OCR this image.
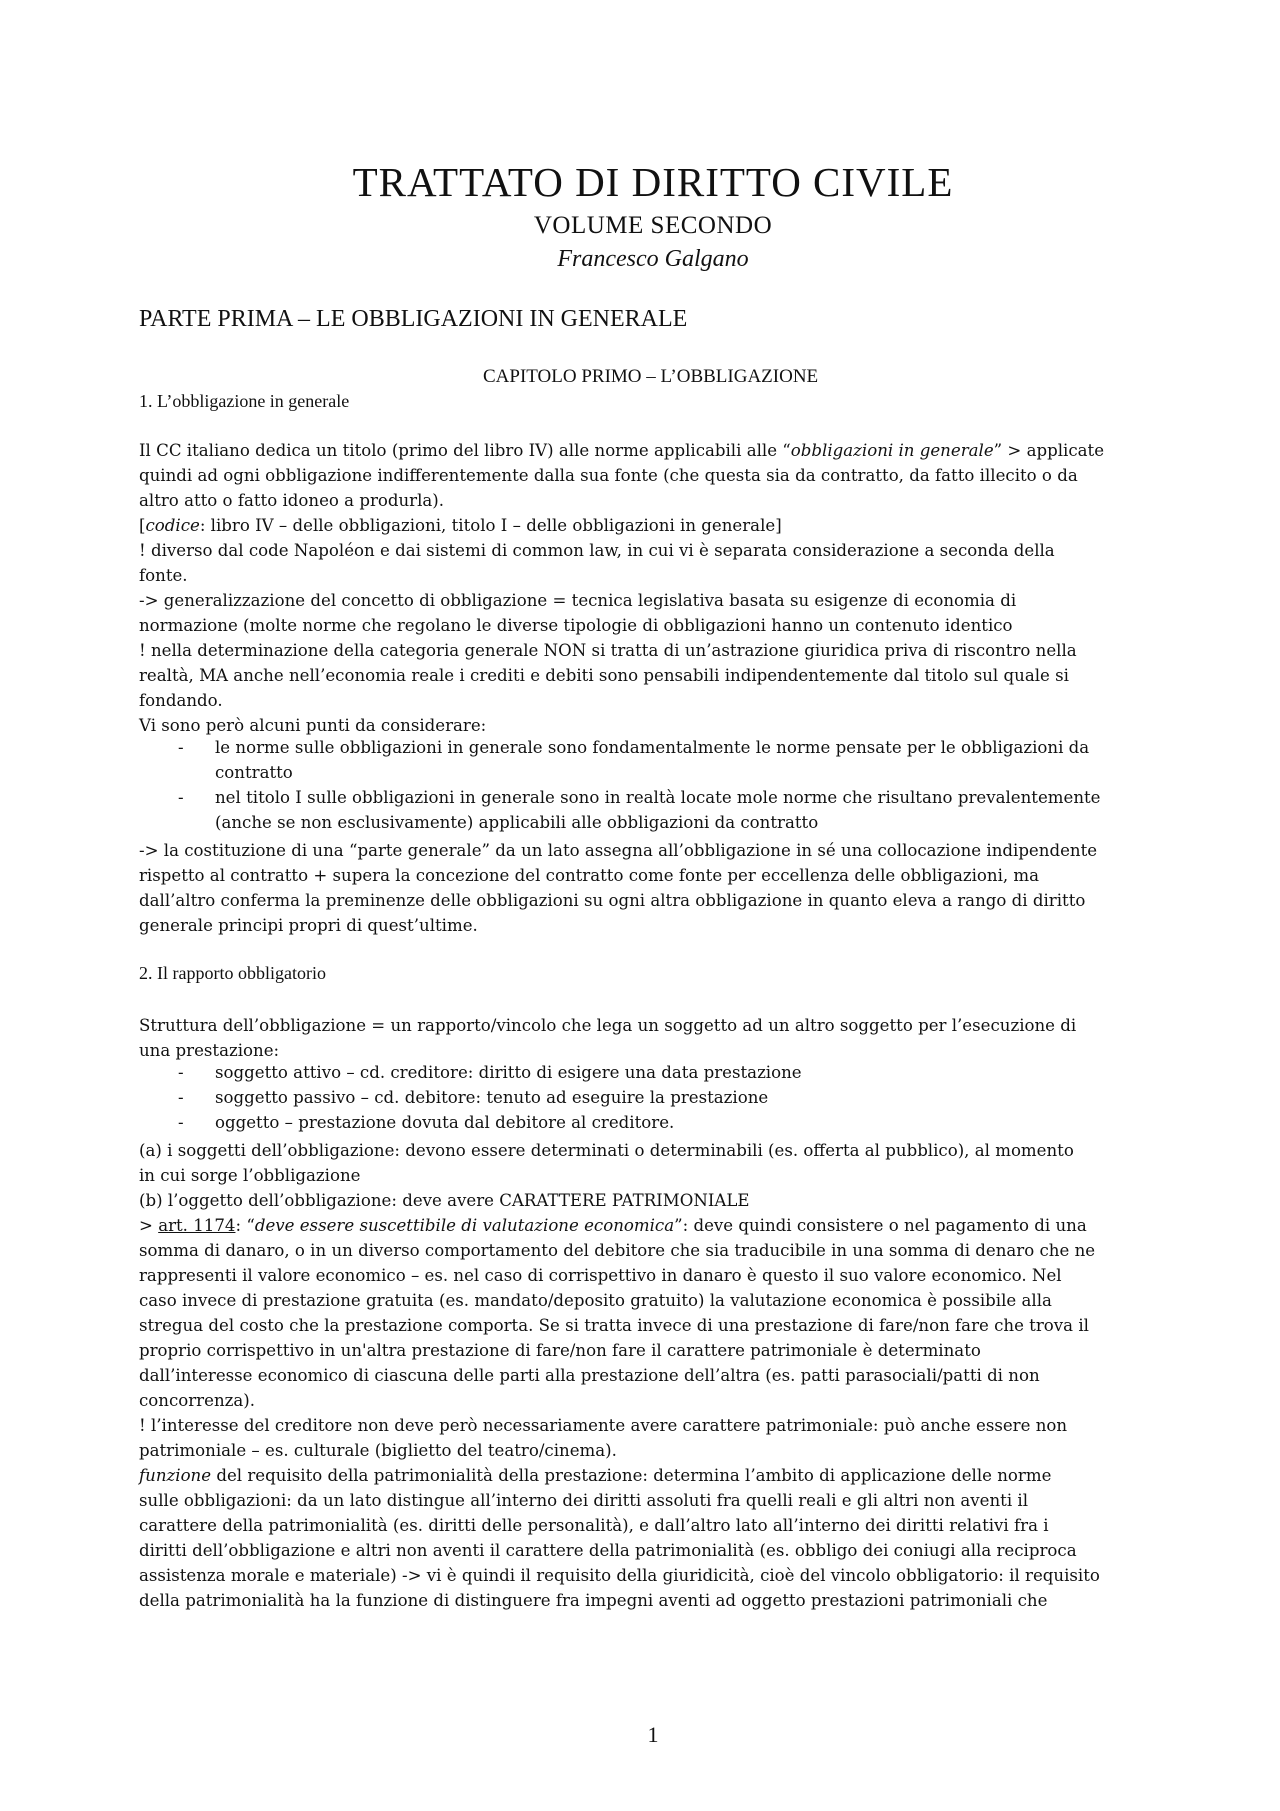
TRATTATO DI DIRITTO CIVILE
VOLUME SECONDO
Francesco Galgano
PARTE PRIMA – LE OBBLIGAZIONI IN GENERALE
CAPITOLO PRIMO – L’OBBLIGAZIONE
1. L’obbligazione in generale
Il CC italiano dedica un titolo (primo del libro IV) alle norme applicabili alle “obbligazioni in generale” > applicate
quindi ad ogni obbligazione indifferentemente dalla sua fonte (che questa sia da contratto, da fatto illecito o da
altro atto o fatto idoneo a produrla).
[codice: libro IV – delle obbligazioni, titolo I – delle obbligazioni in generale]
! diverso dal code Napoléon e dai sistemi di common law, in cui vi è separata considerazione a seconda della
fonte.
-> generalizzazione del concetto di obbligazione = tecnica legislativa basata su esigenze di economia di
normazione (molte norme che regolano le diverse tipologie di obbligazioni hanno un contenuto identico
! nella determinazione della categoria generale NON si tratta di un’astrazione giuridica priva di riscontro nella
realtà, MA anche nell’economia reale i crediti e debiti sono pensabili indipendentemente dal titolo sul quale si
fondando.
Vi sono però alcuni punti da considerare:
- le norme sulle obbligazioni in generale sono fondamentalmente le norme pensate per le obbligazioni da
contratto
- nel titolo I sulle obbligazioni in generale sono in realtà locate mole norme che risultano prevalentemente
(anche se non esclusivamente) applicabili alle obbligazioni da contratto
-> la costituzione di una “parte generale” da un lato assegna all’obbligazione in sé una collocazione indipendente
rispetto al contratto + supera la concezione del contratto come fonte per eccellenza delle obbligazioni, ma
dall’altro conferma la preminenze delle obbligazioni su ogni altra obbligazione in quanto eleva a rango di diritto
generale principi propri di quest’ultime.
2. Il rapporto obbligatorio
Struttura dell’obbligazione = un rapporto/vincolo che lega un soggetto ad un altro soggetto per l’esecuzione di
una prestazione:
- soggetto attivo – cd. creditore: diritto di esigere una data prestazione
- soggetto passivo – cd. debitore: tenuto ad eseguire la prestazione
- oggetto – prestazione dovuta dal debitore al creditore.
(a) i soggetti dell’obbligazione: devono essere determinati o determinabili (es. offerta al pubblico), al momento
in cui sorge l’obbligazione
(b) l’oggetto dell’obbligazione: deve avere CARATTERE PATRIMONIALE
> art. 1174: “deve essere suscettibile di valutazione economica”: deve quindi consistere o nel pagamento di una
somma di danaro, o in un diverso comportamento del debitore che sia traducibile in una somma di denaro che ne
rappresenti il valore economico – es. nel caso di corrispettivo in danaro è questo il suo valore economico. Nel
caso invece di prestazione gratuita (es. mandato/deposito gratuito) la valutazione economica è possibile alla
stregua del costo che la prestazione comporta. Se si tratta invece di una prestazione di fare/non fare che trova il
proprio corrispettivo in un'altra prestazione di fare/non fare il carattere patrimoniale è determinato
dall’interesse economico di ciascuna delle parti alla prestazione dell’altra (es. patti parasociali/patti di non
concorrenza).
! l’interesse del creditore non deve però necessariamente avere carattere patrimoniale: può anche essere non
patrimoniale – es. culturale (biglietto del teatro/cinema).
funzione del requisito della patrimonialità della prestazione: determina l’ambito di applicazione delle norme
sulle obbligazioni: da un lato distingue all’interno dei diritti assoluti fra quelli reali e gli altri non aventi il
carattere della patrimonialità (es. diritti delle personalità), e dall’altro lato all’interno dei diritti relativi fra i
diritti dell’obbligazione e altri non aventi il carattere della patrimonialità (es. obbligo dei coniugi alla reciproca
assistenza morale e materiale) -> vi è quindi il requisito della giuridicità, cioè del vincolo obbligatorio: il requisito
della patrimonialità ha la funzione di distinguere fra impegni aventi ad oggetto prestazioni patrimoniali che
1
